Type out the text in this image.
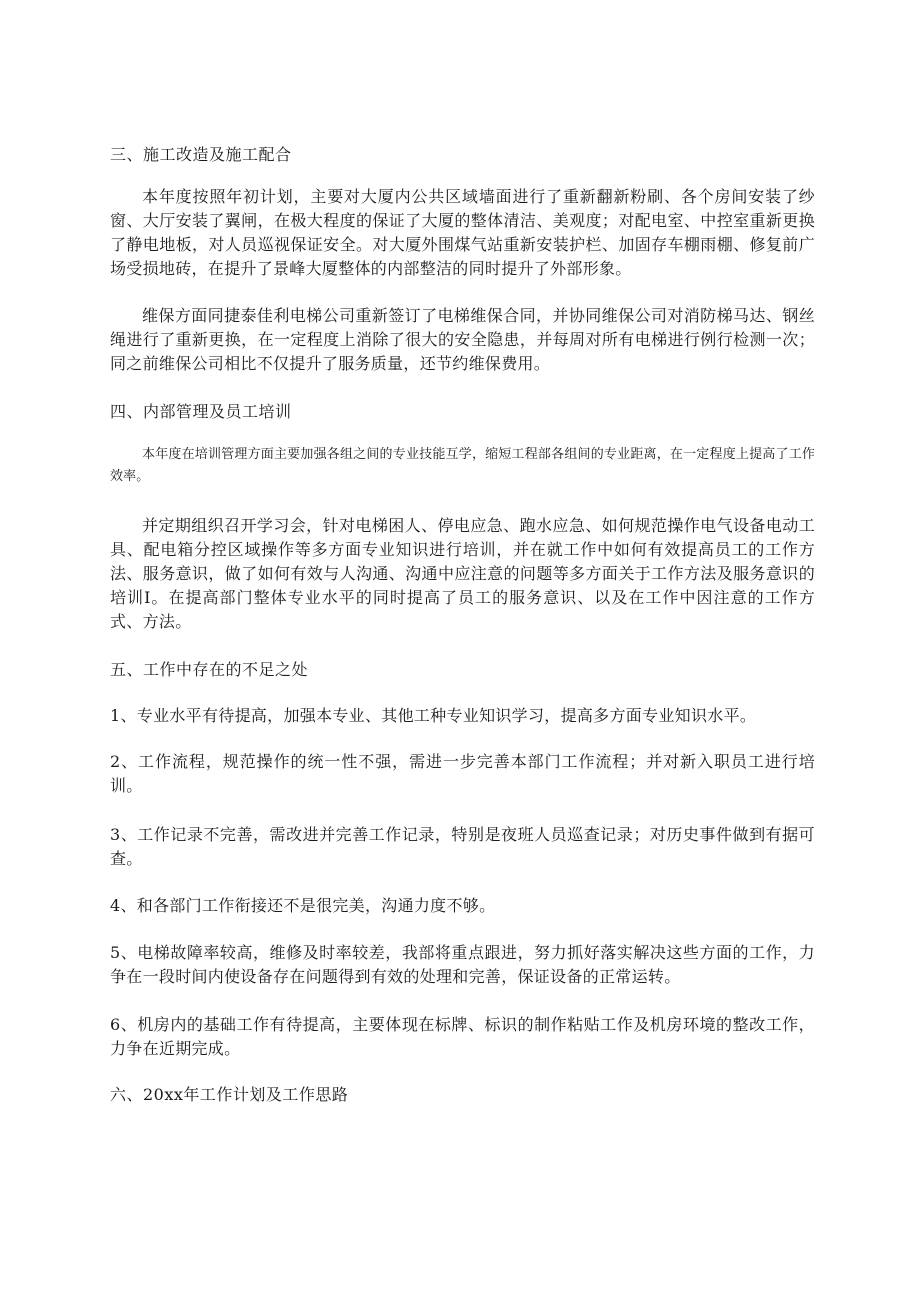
三、施工改造及施工配合

本年度按照年初计划，主要对大厦内公共区域墙面进行了重新翻新粉刷、各个房间安装了纱窗、大厅安装了翼闸，在极大程度的保证了大厦的整体清洁、美观度；对配电室、中控室重新更换了静电地板，对人员巡视保证安全。对大厦外围煤气站重新安装护栏、加固存车棚雨棚、修复前广场受损地砖，在提升了景峰大厦整体的内部整洁的同时提升了外部形象。

维保方面同捷泰佳利电梯公司重新签订了电梯维保合同，并协同维保公司对消防梯马达、钢丝绳进行了重新更换，在一定程度上消除了很大的安全隐患，并每周对所有电梯进行例行检测一次；同之前维保公司相比不仅提升了服务质量，还节约维保费用。

四、内部管理及员工培训

本年度在培训管理方面主要加强各组之间的专业技能互学，缩短工程部各组间的专业距离，在一定程度上提高了工作效率。

并定期组织召开学习会，针对电梯困人、停电应急、跑水应急、如何规范操作电气设备电动工具、配电箱分控区域操作等多方面专业知识进行培训，并在就工作中如何有效提高员工的工作方法、服务意识，做了如何有效与人沟通、沟通中应注意的问题等多方面关于工作方法及服务意识的培训I。在提高部门整体专业水平的同时提高了员工的服务意识、以及在工作中因注意的工作方式、方法。

五、工作中存在的不足之处

1、专业水平有待提高，加强本专业、其他工种专业知识学习，提高多方面专业知识水平。

2、工作流程，规范操作的统一性不强，需进一步完善本部门工作流程；并对新入职员工进行培训。

3、工作记录不完善，需改进并完善工作记录，特别是夜班人员巡查记录；对历史事件做到有据可查。

4、和各部门工作衔接还不是很完美，沟通力度不够。

5、电梯故障率较高，维修及时率较差，我部将重点跟进，努力抓好落实解决这些方面的工作，力争在一段时间内使设备存在问题得到有效的处理和完善，保证设备的正常运转。

6、机房内的基础工作有待提高，主要体现在标牌、标识的制作粘贴工作及机房环境的整改工作，力争在近期完成。

六、20xx年工作计划及工作思路
